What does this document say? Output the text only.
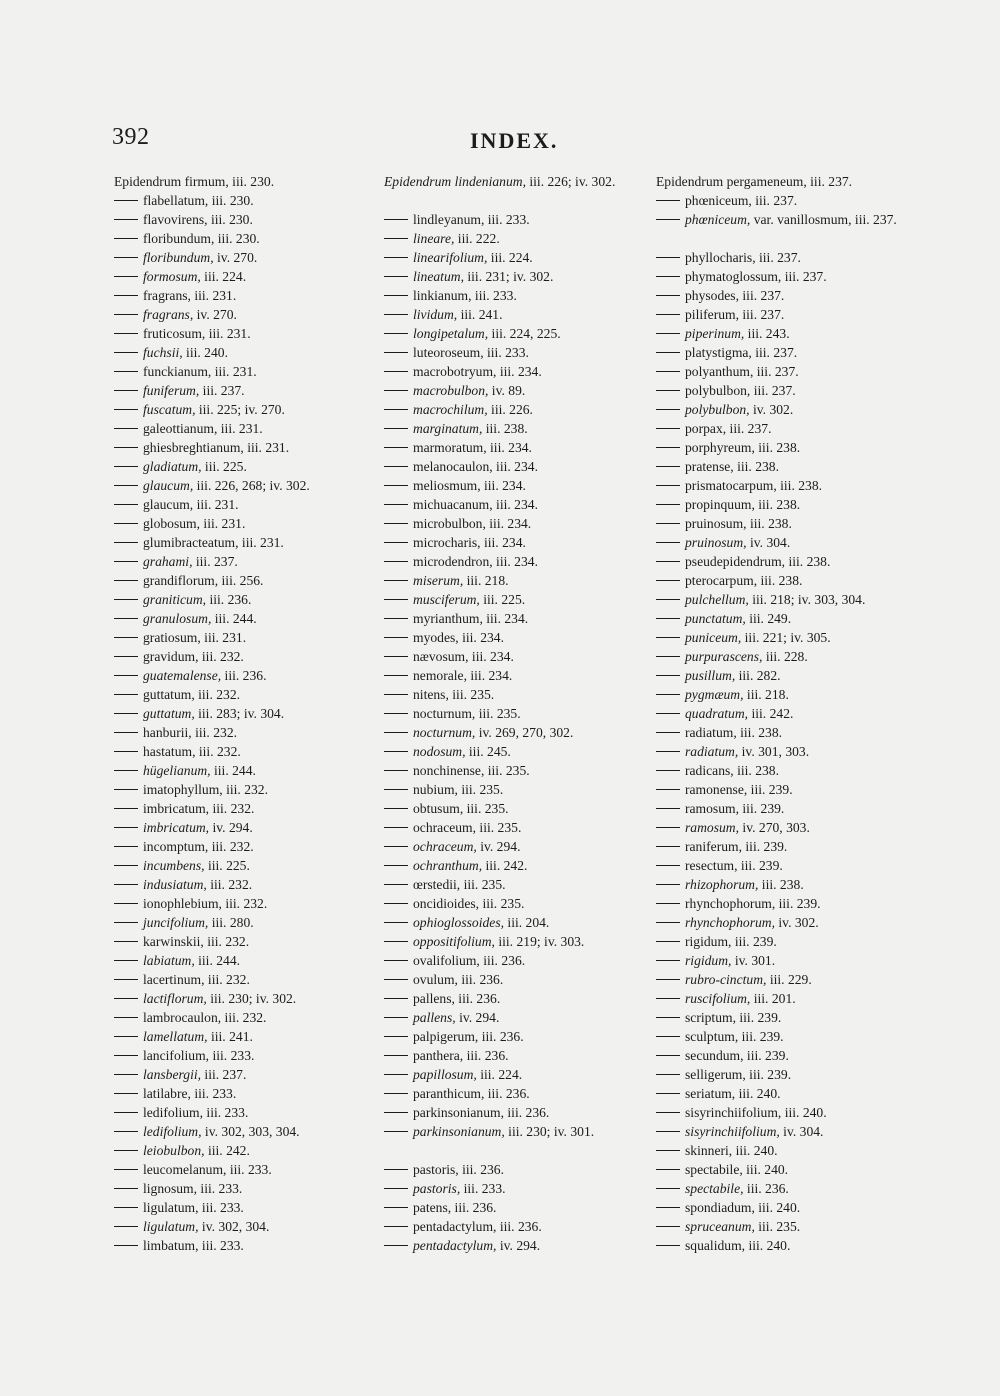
392	INDEX.
Epidendrum firmum, iii. 230.
flabellatum, iii. 230.
flavovirens, iii. 230.
floribundum, iii. 230.
floribundum, iv. 270.
formosum, iii. 224.
fragrans, iii. 231.
fragrans, iv. 270.
fruticosum, iii. 231.
fuchsii, iii. 240.
funckianum, iii. 231.
funiferum, iii. 237.
fuscatum, iii. 225; iv. 270.
galeottianum, iii. 231.
ghiesbreghtianum, iii. 231.
gladiatum, iii. 225.
glaucum, iii. 226, 268; iv. 302.
glaucum, iii. 231.
globosum, iii. 231.
glumibracteatum, iii. 231.
grahami, iii. 237.
grandiflorum, iii. 256.
graniticum, iii. 236.
granulosum, iii. 244.
gratiosum, iii. 231.
gravidum, iii. 232.
guatemalense, iii. 236.
guttatum, iii. 232.
guttatum, iii. 283; iv. 304.
hanburii, iii. 232.
hastatum, iii. 232.
hügelianum, iii. 244.
imatophyllum, iii. 232.
imbricatum, iii. 232.
imbricatum, iv. 294.
incomptum, iii. 232.
incumbens, iii. 225.
indusiatum, iii. 232.
ionophlebium, iii. 232.
juncifolium, iii. 280.
karwinskii, iii. 232.
labiatum, iii. 244.
lacertinum, iii. 232.
lactiflorum, iii. 230; iv. 302.
lambrocaulon, iii. 232.
lamellatum, iii. 241.
lancifolium, iii. 233.
lansbergii, iii. 237.
latilabre, iii. 233.
ledifolium, iii. 233.
ledifolium, iv. 302, 303, 304.
leiobulbon, iii. 242.
leucomelanum, iii. 233.
lignosum, iii. 233.
ligulatum, iii. 233.
ligulatum, iv. 302, 304.
limbatum, iii. 233.
Epidendrum lindenianum, iii. 226; iv. 302.
lindleyanum, iii. 233.
lineare, iii. 222.
linearifolium, iii. 224.
lineatum, iii. 231; iv. 302.
linkianum, iii. 233.
lividum, iii. 241.
longipetalum, iii. 224, 225.
luteoroseum, iii. 233.
macrobotryum, iii. 234.
macrobulbon, iv. 89.
macrochilum, iii. 226.
marginatum, iii. 238.
marmoratum, iii. 234.
melanocaulon, iii. 234.
meliosmum, iii. 234.
michuacanum, iii. 234.
microbulbon, iii. 234.
microcharis, iii. 234.
microdendron, iii. 234.
miserum, iii. 218.
musciferum, iii. 225.
myrianthum, iii. 234.
myodes, iii. 234.
nævosum, iii. 234.
nemorale, iii. 234.
nitens, iii. 235.
nocturnum, iii. 235.
nocturnum, iv. 269, 270, 302.
nodosum, iii. 245.
nonchinense, iii. 235.
nubium, iii. 235.
obtusum, iii. 235.
ochraceum, iii. 235.
ochraceum, iv. 294.
ochranthum, iii. 242.
œrstedii, iii. 235.
oncidioides, iii. 235.
ophioglossoides, iii. 204.
oppositifolium, iii. 219; iv. 303.
ovalifolium, iii. 236.
ovulum, iii. 236.
pallens, iii. 236.
pallens, iv. 294.
palpigerum, iii. 236.
panthera, iii. 236.
papillosum, iii. 224.
paranthicum, iii. 236.
parkinsonianum, iii. 236.
parkinsonianum, iii. 230; iv. 301.
pastoris, iii. 236.
pastoris, iii. 233.
patens, iii. 236.
pentadactylum, iii. 236.
pentadactylum, iv. 294.
Epidendrum pergameneum, iii. 237.
phœniceum, iii. 237.
phœniceum, var. vanillosmum, iii. 237.
phyllocharis, iii. 237.
phymatoglossum, iii. 237.
physodes, iii. 237.
piliferum, iii. 237.
piperinum, iii. 243.
platystigma, iii. 237.
polyanthum, iii. 237.
polybulbon, iii. 237.
polybulbon, iv. 302.
porpax, iii. 237.
porphyreum, iii. 238.
pratense, iii. 238.
prismatocarpum, iii. 238.
propinquum, iii. 238.
pruinosum, iii. 238.
pruinosum, iv. 304.
pseudepidendrum, iii. 238.
pterocarpum, iii. 238.
pulchellum, iii. 218; iv. 303, 304.
punctatum, iii. 249.
puniceum, iii. 221; iv. 305.
purpurascens, iii. 228.
pusillum, iii. 282.
pygmæum, iii. 218.
quadratum, iii. 242.
radiatum, iii. 238.
radiatum, iv. 301, 303.
radicans, iii. 238.
ramonense, iii. 239.
ramosum, iii. 239.
ramosum, iv. 270, 303.
raniferum, iii. 239.
resectum, iii. 239.
rhizophorum, iii. 238.
rhynchophorum, iii. 239.
rhynchophorum, iv. 302.
rigidum, iii. 239.
rigidum, iv. 301.
rubro-cinctum, iii. 229.
ruscifolium, iii. 201.
scriptum, iii. 239.
sculptum, iii. 239.
secundum, iii. 239.
selligerum, iii. 239.
seriatum, iii. 240.
sisyrinchiifolium, iii. 240.
sisyrinchiifolium, iv. 304.
skinneri, iii. 240.
spectabile, iii. 240.
spectabile, iii. 236.
spondiadum, iii. 240.
spruceanum, iii. 235.
squalidum, iii. 240.
